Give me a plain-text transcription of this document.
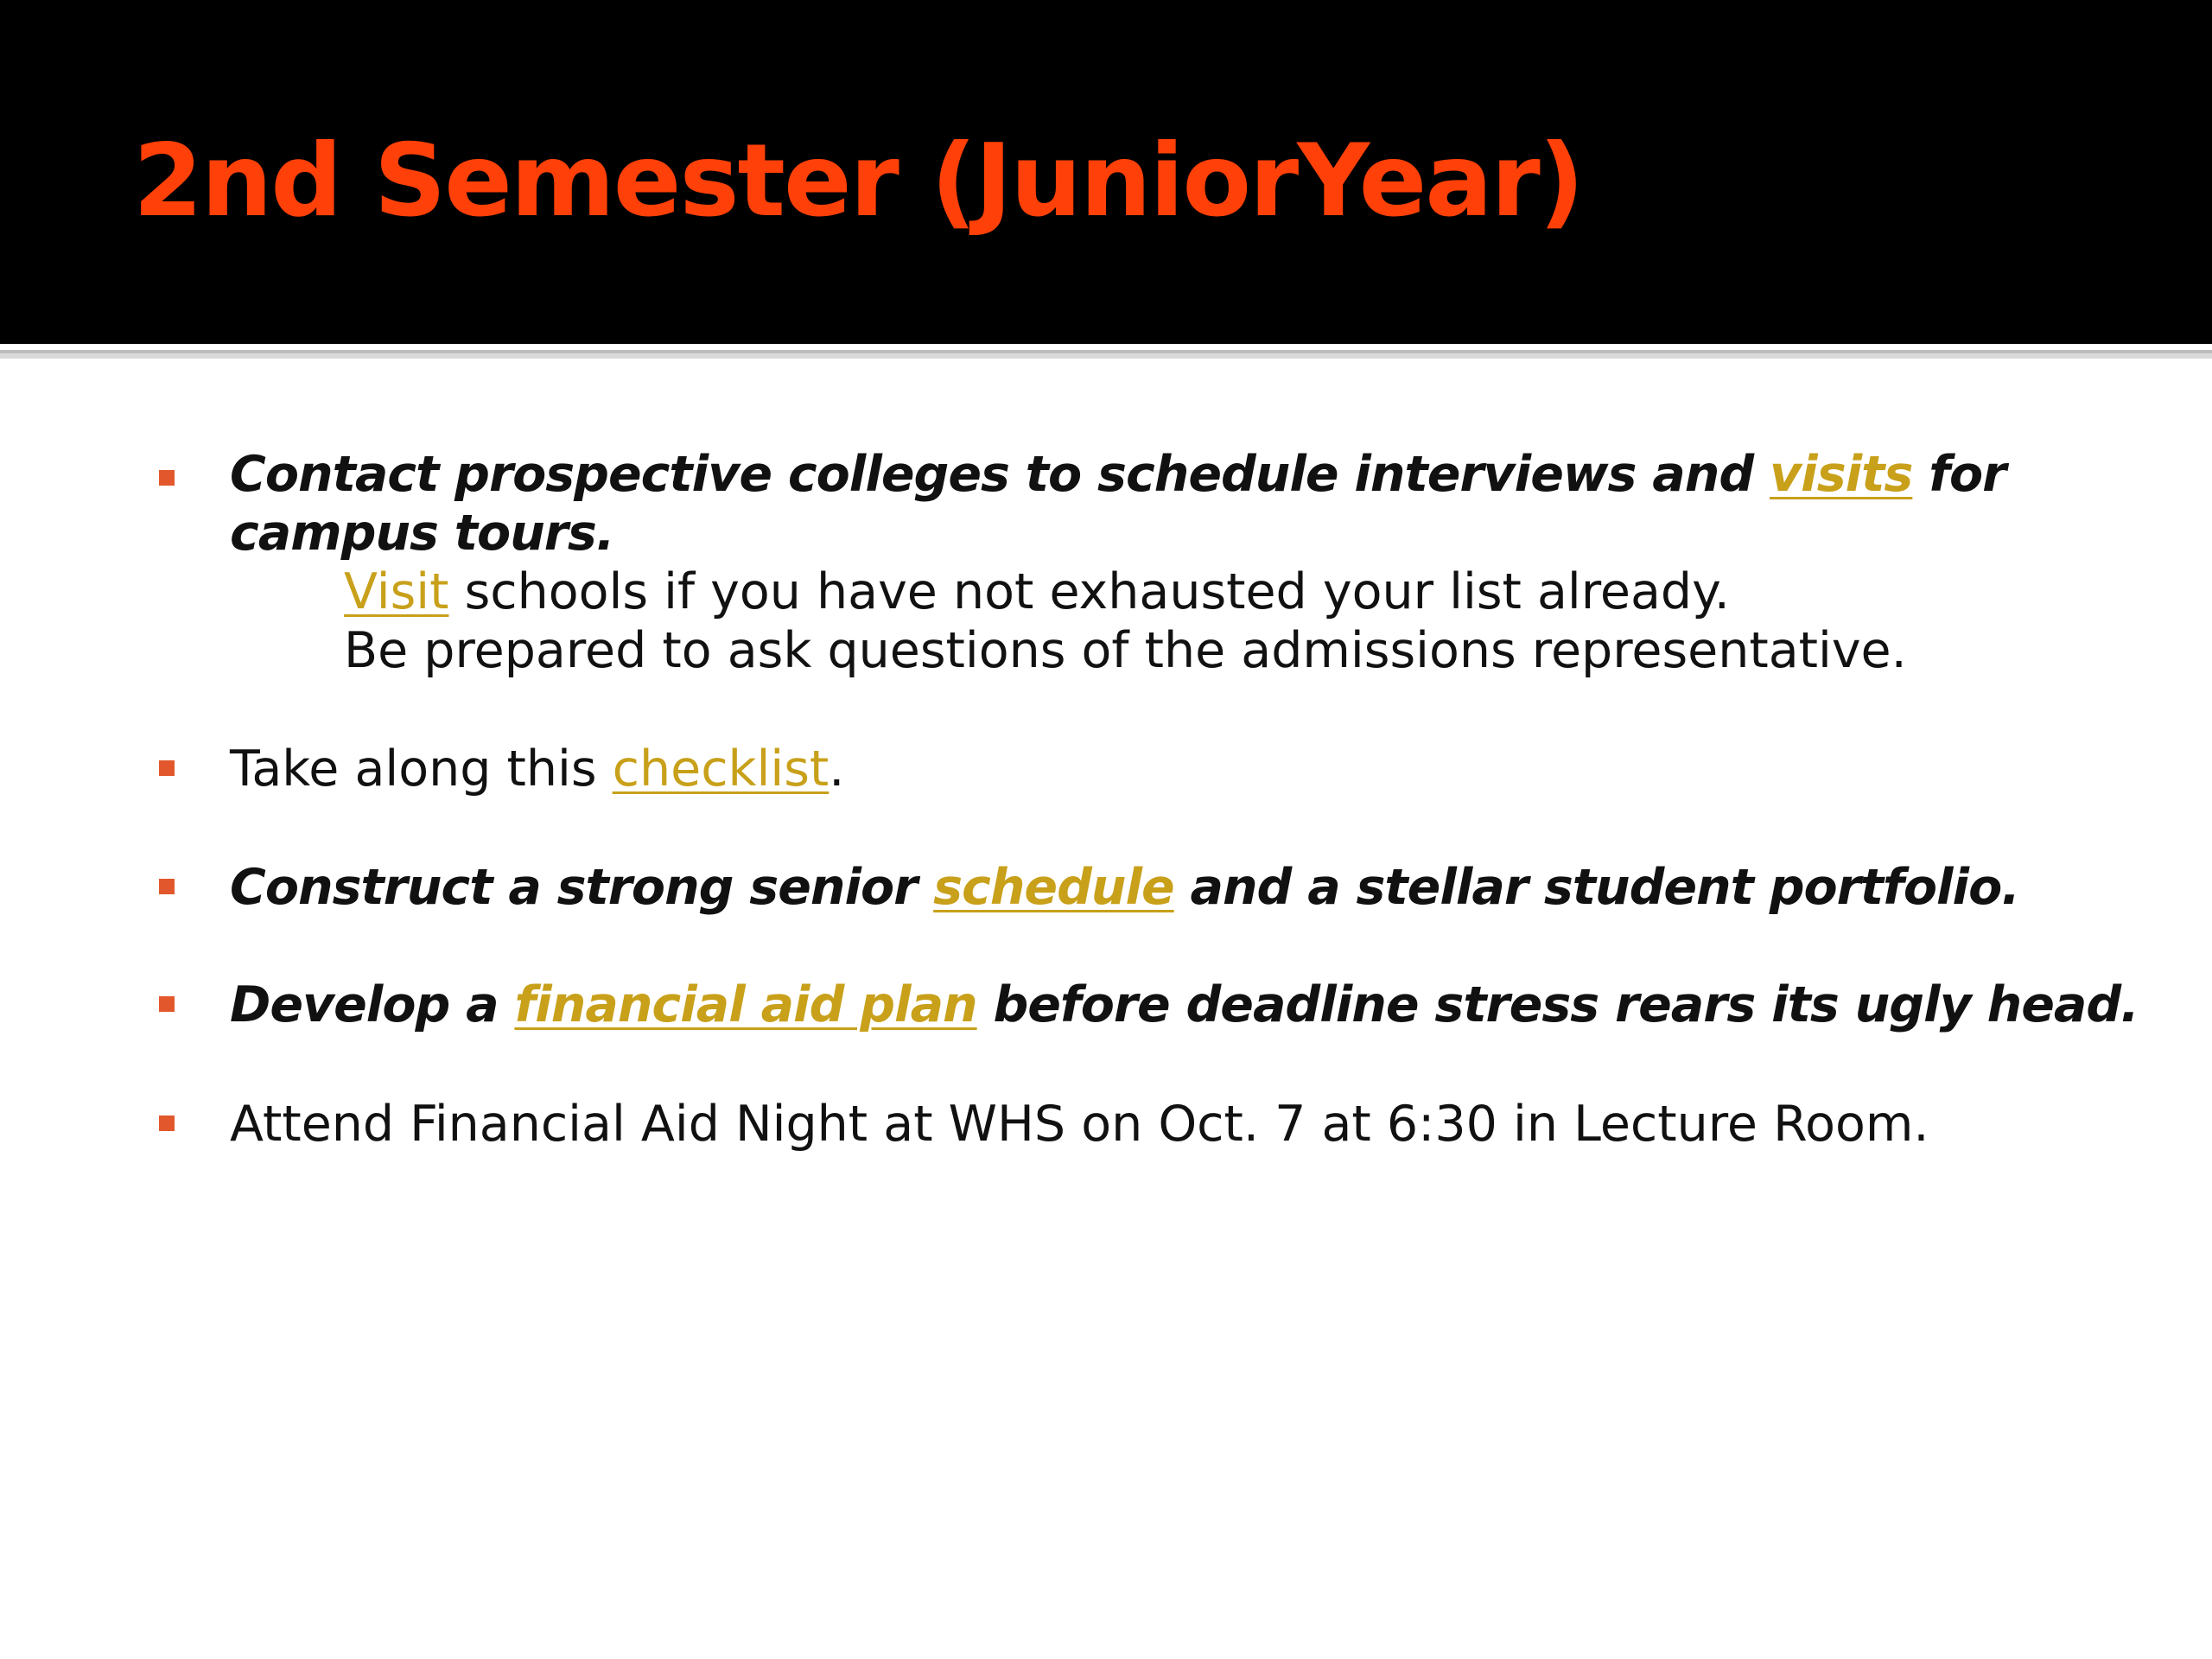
2nd Semester (JuniorYear)
Contact prospective colleges to schedule interviews and visits for
campus tours.
Visit schools if you have not exhausted your list already.
Be prepared to ask questions of the admissions representative.
Take along this checklist.
Construct a strong senior schedule and a stellar student portfolio.
Develop a financial aid plan before deadline stress rears its ugly head.
Attend Financial Aid Night at WHS on Oct. 7 at 6:30 in Lecture Room.
